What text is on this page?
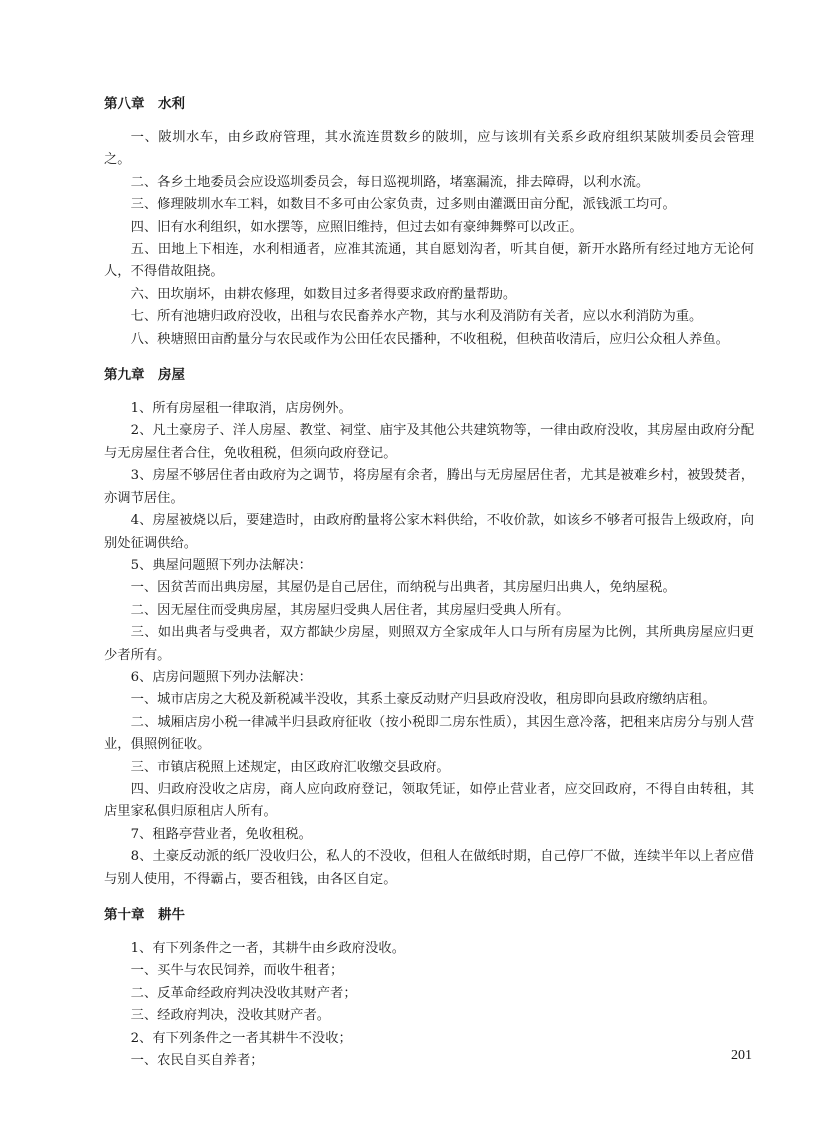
第八章　水利

一、陂圳水车，由乡政府管理，其水流连贯数乡的陂圳，应与该圳有关系乡政府组织某陂圳委员会管理之。

二、各乡土地委员会应设巡圳委员会，每日巡视圳路，堵塞漏流，排去障碍，以利水流。

三、修理陂圳水车工料，如数目不多可由公家负责，过多则由灌溉田亩分配，派钱派工均可。

四、旧有水利组织，如水摆等，应照旧维持，但过去如有豪绅舞弊可以改正。

五、田地上下相连，水利相通者，应准其流通，其自愿划沟者，听其自便，新开水路所有经过地方无论何人，不得借故阻挠。

六、田坎崩坏，由耕农修理，如数目过多者得要求政府酌量帮助。

七、所有池塘归政府没收，出租与农民畜养水产物，其与水利及消防有关者，应以水利消防为重。

八、秧塘照田亩酌量分与农民或作为公田任农民播种，不收租税，但秧苗收清后，应归公众租人养鱼。

第九章　房屋

1、所有房屋租一律取消，店房例外。

2、凡土豪房子、洋人房屋、教堂、祠堂、庙宇及其他公共建筑物等，一律由政府没收，其房屋由政府分配与无房屋住者合住，免收租税，但须向政府登记。

3、房屋不够居住者由政府为之调节，将房屋有余者，腾出与无房屋居住者，尤其是被难乡村，被毁焚者，亦调节居住。

4、房屋被烧以后，要建造时，由政府酌量将公家木料供给，不收价款，如该乡不够者可报告上级政府，向别处征调供给。

5、典屋问题照下列办法解决：

一、因贫苦而出典房屋，其屋仍是自己居住，而纳税与出典者，其房屋归出典人，免纳屋税。

二、因无屋住而受典房屋，其房屋归受典人居住者，其房屋归受典人所有。

三、如出典者与受典者，双方都缺少房屋，则照双方全家成年人口与所有房屋为比例，其所典房屋应归更少者所有。

6、店房问题照下列办法解决：

一、城市店房之大税及新税减半没收，其系土豪反动财产归县政府没收，租房即向县政府缴纳店租。

二、城厢店房小税一律减半归县政府征收（按小税即二房东性质），其因生意冷落，把租来店房分与别人营业，俱照例征收。

三、市镇店税照上述规定，由区政府汇收缴交县政府。

四、归政府没收之店房，商人应向政府登记，领取凭证，如停止营业者，应交回政府，不得自由转租，其店里家私俱归原租店人所有。

7、租路亭营业者，免收租税。

8、土豪反动派的纸厂没收归公，私人的不没收，但租人在做纸时期，自己停厂不做，连续半年以上者应借与别人使用，不得霸占，要否租钱，由各区自定。

第十章　耕牛

1、有下列条件之一者，其耕牛由乡政府没收。

一、买牛与农民饲养，而收牛租者；

二、反革命经政府判决没收其财产者；

三、经政府判决，没收其财产者。

2、有下列条件之一者其耕牛不没收；

一、农民自买自养者；	201
